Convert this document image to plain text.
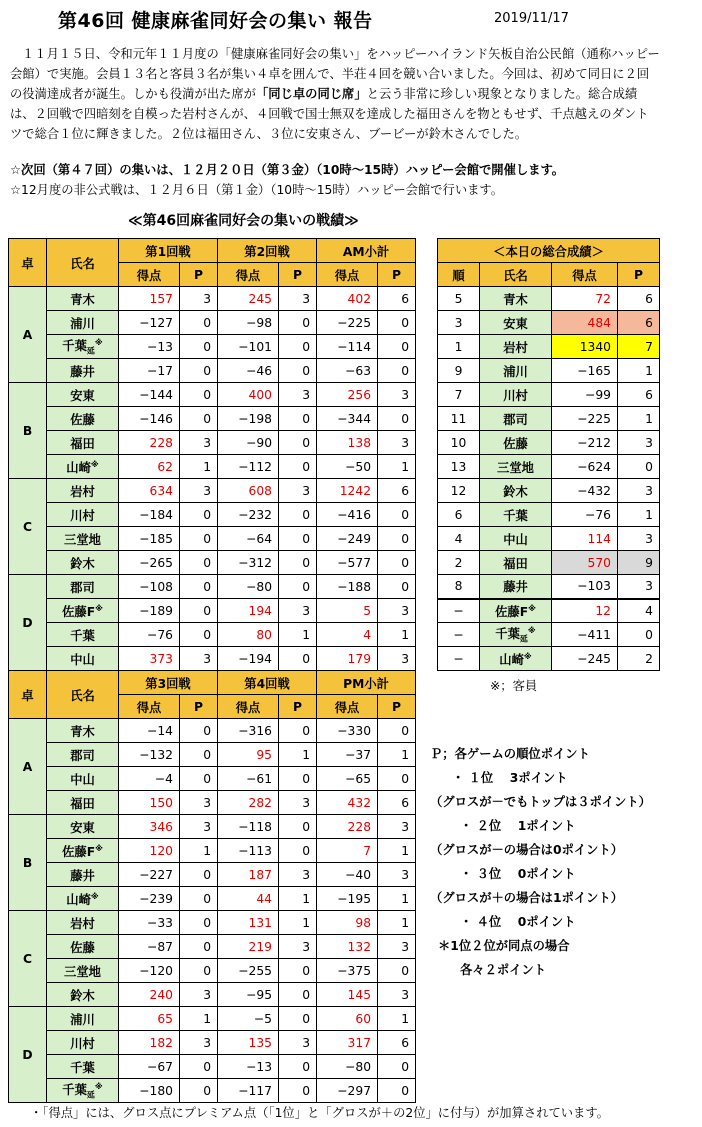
第46回 健康麻雀同好会の集い 報告	2019/11/17
１１月１５日、令和元年１１月度の「健康麻雀同好会の集い」をハッピーハイランド矢板自治公民館（通称ハッピー会館）で実施。会員１３名と客員３名が集い４卓を囲んで、半荘４回を競い合いました。今回は、初めて同日に２回の役満達成者が誕生。しかも役満が出た席が「同じ卓の同じ席」と云う非常に珍しい現象となりました。総合成績は、２回戦で四暗刻を自模った岩村さんが、４回戦で国士無双を達成した福田さんを物ともせず、千点越えのダントツで総合１位に輝きました。２位は福田さん、３位に安東さん、ブービーが鈴木さんでした。
☆次回（第４７回）の集いは、１２月２０日（第３金）（10時〜15時）ハッピー会館で開催します。
☆12月度の非公式戦は、１２月６日（第１金）（10時〜15時）ハッピー会館で行います。
≪第46回麻雀同好会の集いの戦績≫
卓	氏名	第1回戦		第2回戦		AM小計	
		得点	P	得点	P	得点	P
A	青木	157	3	245	3	402	6
	浦川	−127	0	−98	0	−225	0
	千葉$_延$※	−13	0	−101	0	−114	0
	藤井	−17	0	−46	0	−63	0
B	安東	−144	0	400	3	256	3
	佐藤	−146	0	−198	0	−344	0
	福田	228	3	−90	0	138	3
	山崎※	62	1	−112	0	−50	1
C	岩村	634	3	608	3	1242	6
	川村	−184	0	−232	0	−416	0
	三堂地	−185	0	−64	0	−249	0
	鈴木	−265	0	−312	0	−577	0
D	郡司	−108	0	−80	0	−188	0
	佐藤F※	−189	0	194	3	5	3
	千葉	−76	0	80	1	4	1
	中山	373	3	−194	0	179	3
卓	氏名	第3回戦		第4回戦		PM小計	
		得点	P	得点	P	得点	P
A	青木	−14	0	−316	0	−330	0
	郡司	−132	0	95	1	−37	1
	中山	−4	0	−61	0	−65	0
	福田	150	3	282	3	432	6
B	安東	346	3	−118	0	228	3
	佐藤F※	120	1	−113	0	7	1
	藤井	−227	0	187	3	−40	3
	山崎※	−239	0	44	1	−195	1
C	岩村	−33	0	131	1	98	1
	佐藤	−87	0	219	3	132	3
	三堂地	−120	0	−255	0	−375	0
	鈴木	240	3	−95	0	145	3
D	浦川	65	1	−5	0	60	1
	川村	182	3	135	3	317	6
	千葉	−67	0	−13	0	−80	0
	千葉$_延$※	−180	0	−117	0	−297	0
＜本日の総合成績＞			
順	氏名	得点	P
5	青木	72	6
3	安東	484	6
1	岩村	1340	7
9	浦川	−165	1
7	川村	−99	6
11	郡司	−225	1
10	佐藤	−212	3
13	三堂地	−624	0
12	鈴木	−432	3
6	千葉	−76	1
4	中山	114	3
2	福田	570	9
8	藤井	−103	3
−	佐藤F※	12	4
−	千葉$_延$※	−411	0
−	山崎※	−245	2
※；客員
Ｐ；各ゲームの順位ポイント
・ １位　 3ポイント
（グロスが－でもトップは３ポイント）
・ ２位　 1ポイント
（グロスが－の場合は0ポイント）
・ ３位　 0ポイント
（グロスが＋の場合は1ポイント）
・ ４位　 0ポイント
＊1位２位が同点の場合
各々２ポイント
・「得点」には、グロス点にプレミアム点（「1位」と「グロスが＋の2位」に付与）が加算されています。
